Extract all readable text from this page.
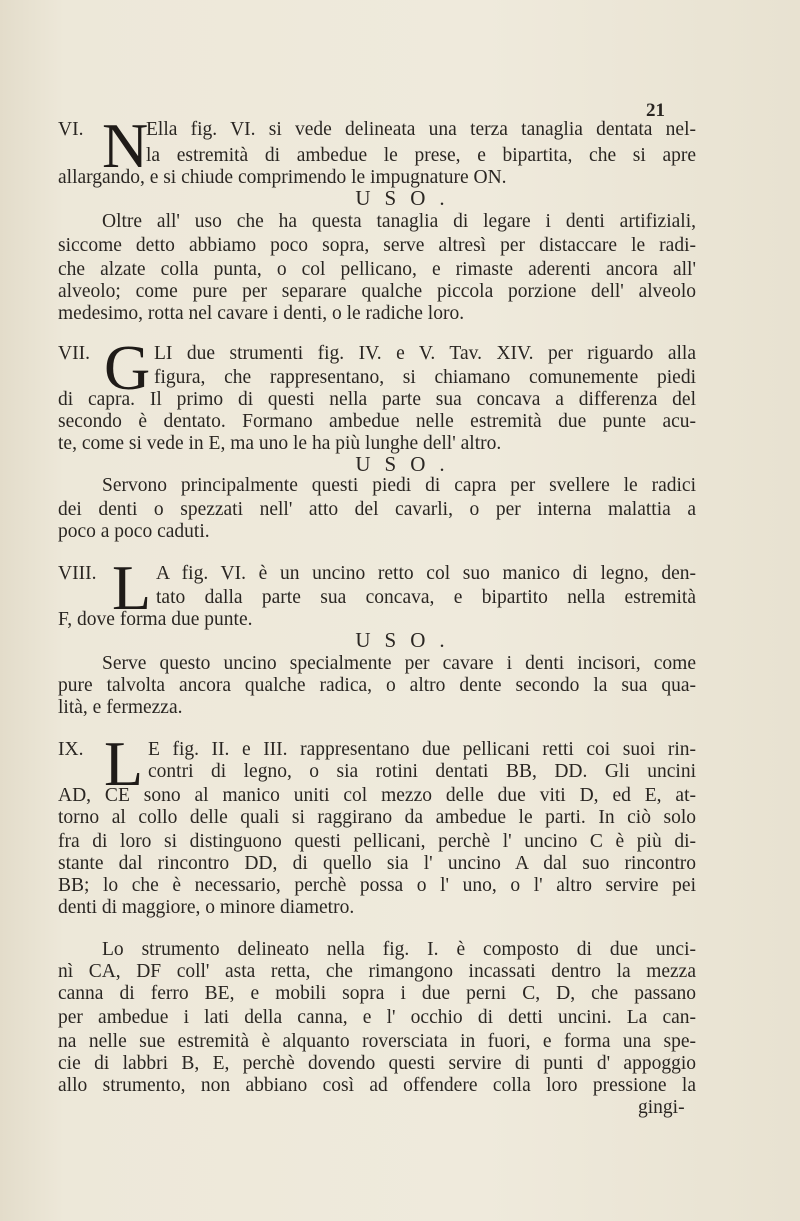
21
VI. N
Ella fig. VI. si vede delineata una terza tanaglia dentata nel-
la estremità di ambedue le prese, e bipartita, che si apre
allargando, e si chiude comprimendo le impugnature ON.
USO.
Oltre all' uso che ha questa tanaglia di legare i denti artifiziali,
siccome detto abbiamo poco sopra, serve altresì per distaccare le radi-
che alzate colla punta, o col pellicano, e rimaste aderenti ancora all'
alveolo; come pure per separare qualche piccola porzione dell' alveolo
medesimo, rotta nel cavare i denti, o le radiche loro.
VII. G LI due strumenti fig. IV. e V. Tav. XIV. per riguardo alla
figura, che rappresentano, si chiamano comunemente piedi
di capra. Il primo di questi nella parte sua concava a differenza del
secondo è dentato. Formano ambedue nelle estremità due punte acu-
te, come si vede in E, ma uno le ha più lunghe dell' altro.
USO.
Servono principalmente questi piedi di capra per svellere le radici
dei denti o spezzati nell' atto del cavarli, o per interna malattia a
poco a poco caduti.
VIII. L A fig. VI. è un uncino retto col suo manico di legno, den-
tato dalla parte sua concava, e bipartito nella estremità
F, dove forma due punte.
USO.
Serve questo uncino specialmente per cavare i denti incisori, come
pure talvolta ancora qualche radica, o altro dente secondo la sua qua-
lità, e fermezza.
IX. L E fig. II. e III. rappresentano due pellicani retti coi suoi rin-
contri di legno, o sia rotini dentati BB, DD. Gli uncini
AD, CE sono al manico uniti col mezzo delle due viti D, ed E, at-
torno al collo delle quali si raggirano da ambedue le parti. In ciò solo
fra di loro si distinguono questi pellicani, perchè l' uncino C è più di-
stante dal rincontro DD, di quello sia l' uncino A dal suo rincontro
BB; lo che è necessario, perchè possa o l' uno, o l' altro servire pei
denti di maggiore, o minore diametro.
Lo strumento delineato nella fig. I. è composto di due unci-
nì CA, DF coll' asta retta, che rimangono incassati dentro la mezza
canna di ferro BE, e mobili sopra i due perni C, D, che passano
per ambedue i lati della canna, e l' occhio di detti uncini. La can-
na nelle sue estremità è alquanto roversciata in fuori, e forma una spe-
cie di labbri B, E, perchè dovendo questi servire di punti d' appoggio
allo strumento, non abbiano così ad offendere colla loro pressione la
gingi-
